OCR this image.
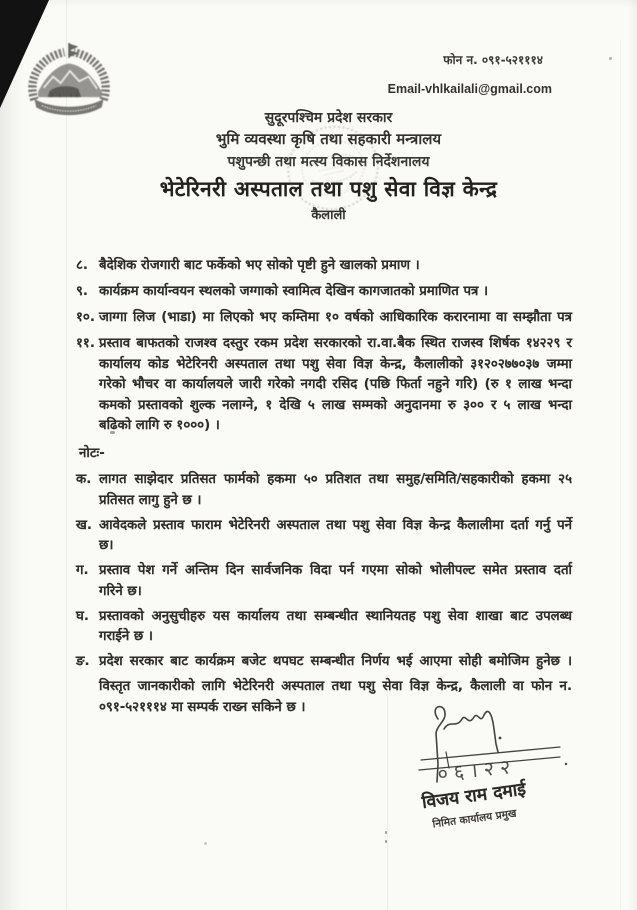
फोन न. ०९१-५२१११४
Email-vhlkailali@gmail.com
सुदूरपश्चिम प्रदेश सरकार
भुमि व्यवस्था कृषि तथा सहकारी मन्त्रालय
पशुपन्छी तथा मत्स्य विकास निर्देशनालय
भेटेरिनरी अस्पताल तथा पशु सेवा विज्ञ केन्द्र
कैलाली
८. बैदेशिक रोजगारी बाट फर्केको भए सोको पृष्टी हुने खालको प्रमाण ।
९. कार्यक्रम कार्यान्वयन स्थलको जग्गाको स्वामित्व देखिन कागजातको प्रमाणित पत्र ।
१०. जाग्गा लिज (भाडा) मा लिएको भए कम्तिमा १० वर्षको आधिकारिक करारनामा वा सम्झौता पत्र
११. प्रस्ताव बाफतको राजश्व दस्तुर रकम प्रदेश सरकारको रा.वा.बैक स्थित राजस्व शिर्षक १४२२९ र
कार्यालय कोड भेटेरिनरी अस्पताल तथा पशु सेवा विज्ञ केन्द्र, कैलालीको ३१२०२७७०३७ जम्मा
गरेको भौचर वा कार्यालयले जारी गरेको नगदी रसिद (पछि फिर्ता नहुने गरि) (रु १ लाख भन्दा
कमको प्रस्तावको शुल्क नलाग्ने, १ देखि ५ लाख सम्मको अनुदानमा रु ३०० र ५ लाख भन्दा
बढिको लागि रु १०००) ।
नोटः-
क. लागत साझेदार प्रतिसत फार्मको हकमा ५० प्रतिशत तथा समुह/समिति/सहकारीको हकमा २५
प्रतिसत लागु हुने छ ।
ख. आवेदकले प्रस्ताव फाराम भेटेरिनरी अस्पताल तथा पशु सेवा विज्ञ केन्द्र कैलालीमा दर्ता गर्नु पर्ने
छ।
ग. प्रस्ताव पेश गर्ने अन्तिम दिन सार्वजनिक विदा पर्न गएमा सोको भोलीपल्ट समेत प्रस्ताव दर्ता
गरिने छ।
घ. प्रस्तावको अनुसुचीहरु यस कार्यालय तथा सम्बन्धीत स्थानियतह पशु सेवा शाखा बाट उपलब्ध
गराईने छ ।
ङ. प्रदेश सरकार बाट कार्यक्रम बजेट थपघट सम्बन्धीत निर्णय भई आएमा सोही बमोजिम हुनेछ ।
विस्तृत जानकारीको लागि भेटेरिनरी अस्पताल तथा पशु सेवा विज्ञ केन्द्र, कैलाली वा फोन न.
०९१-५२१११४ मा सम्पर्क राख्न सकिने छ ।
०६।२२
विजय राम दमाई
निमित कार्यालय प्रमुख
